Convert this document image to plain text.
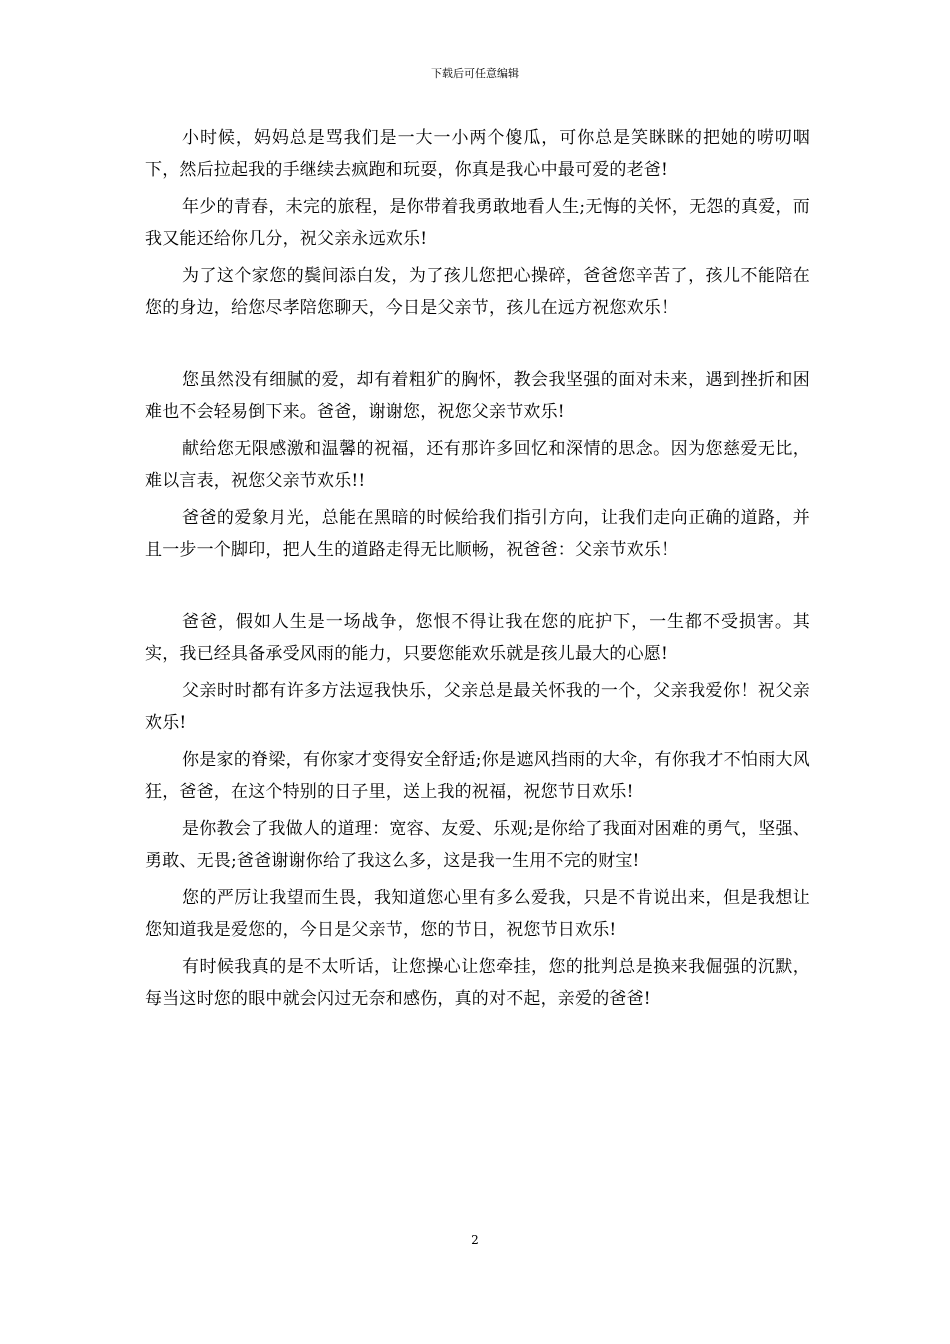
下载后可任意编辑

小时候，妈妈总是骂我们是一大一小两个傻瓜，可你总是笑眯眯的把她的唠叨咽下，然后拉起我的手继续去疯跑和玩耍，你真是我心中最可爱的老爸!

年少的青春，未完的旅程，是你带着我勇敢地看人生;无悔的关怀，无怨的真爱，而我又能还给你几分，祝父亲永远欢乐!

为了这个家您的鬓间添白发，为了孩儿您把心操碎，爸爸您辛苦了，孩儿不能陪在您的身边，给您尽孝陪您聊天，今日是父亲节，孩儿在远方祝您欢乐！

您虽然没有细腻的爱，却有着粗犷的胸怀，教会我坚强的面对未来，遇到挫折和困难也不会轻易倒下来。爸爸，谢谢您，祝您父亲节欢乐!

献给您无限感激和温馨的祝福，还有那许多回忆和深情的思念。因为您慈爱无比，难以言表，祝您父亲节欢乐!!

爸爸的爱象月光，总能在黑暗的时候给我们指引方向，让我们走向正确的道路，并且一步一个脚印，把人生的道路走得无比顺畅，祝爸爸：父亲节欢乐！

爸爸，假如人生是一场战争，您恨不得让我在您的庇护下，一生都不受损害。其实，我已经具备承受风雨的能力，只要您能欢乐就是孩儿最大的心愿!

父亲时时都有许多方法逗我快乐，父亲总是最关怀我的一个，父亲我爱你！祝父亲欢乐!

你是家的脊梁，有你家才变得安全舒适;你是遮风挡雨的大伞，有你我才不怕雨大风狂，爸爸，在这个特别的日子里，送上我的祝福，祝您节日欢乐!

是你教会了我做人的道理：宽容、友爱、乐观;是你给了我面对困难的勇气，坚强、勇敢、无畏;爸爸谢谢你给了我这么多，这是我一生用不完的财宝!

您的严厉让我望而生畏，我知道您心里有多么爱我，只是不肯说出来，但是我想让您知道我是爱您的，今日是父亲节，您的节日，祝您节日欢乐!

有时候我真的是不太听话，让您操心让您牵挂，您的批判总是换来我倔强的沉默，每当这时您的眼中就会闪过无奈和感伤，真的对不起，亲爱的爸爸!

2
